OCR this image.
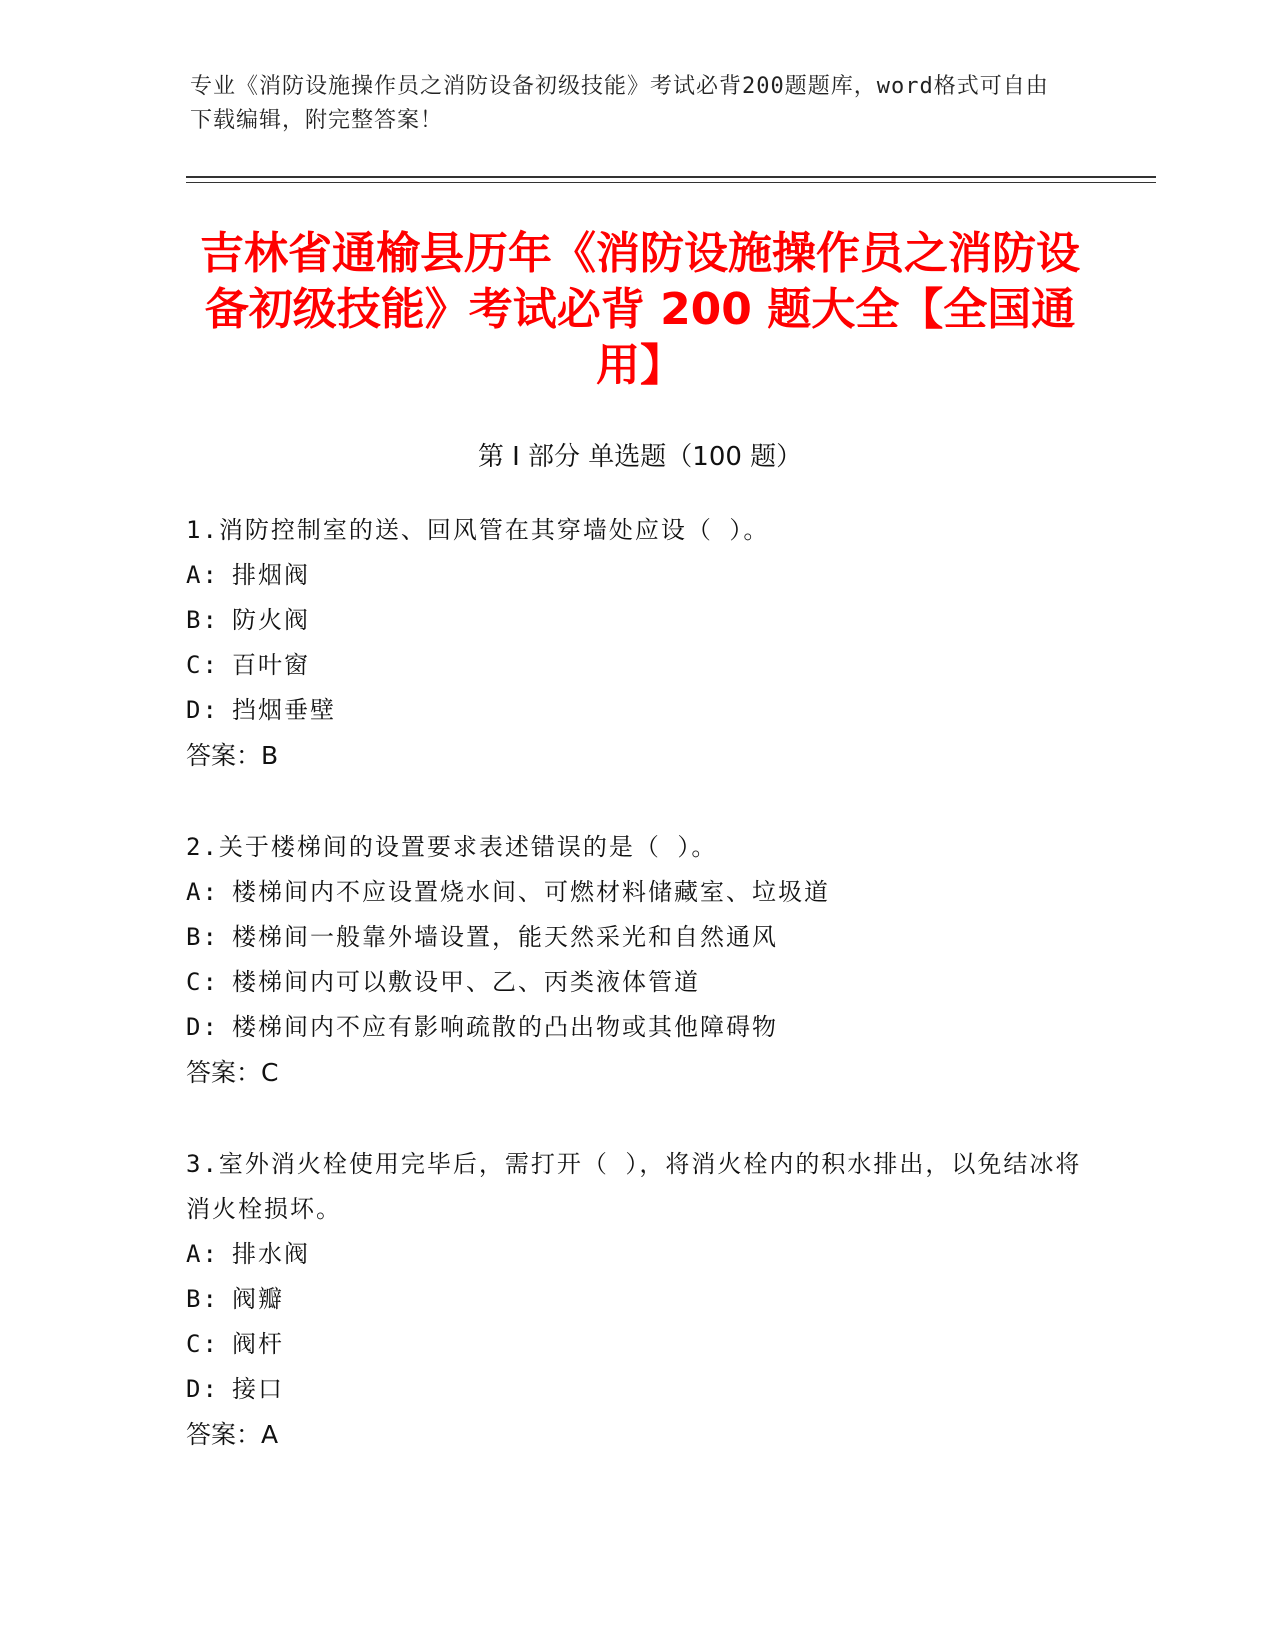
专业《消防设施操作员之消防设备初级技能》考试必背200题题库，word格式可自由下载编辑，附完整答案！
吉林省通榆县历年《消防设施操作员之消防设备初级技能》考试必背 200 题大全【全国通用】
第 I 部分 单选题（100 题）

1.消防控制室的送、回风管在其穿墙处应设（ ）。

A: 排烟阀

B: 防火阀

C: 百叶窗

D: 挡烟垂壁

答案：B

2.关于楼梯间的设置要求表述错误的是（ ）。

A: 楼梯间内不应设置烧水间、可燃材料储藏室、垃圾道

B: 楼梯间一般靠外墙设置，能天然采光和自然通风

C: 楼梯间内可以敷设甲、乙、丙类液体管道

D: 楼梯间内不应有影响疏散的凸出物或其他障碍物

答案：C

3.室外消火栓使用完毕后，需打开（ ），将消火栓内的积水排出，以免结冰将消火栓损坏。

A: 排水阀

B: 阀瓣

C: 阀杆

D: 接口

答案：A
